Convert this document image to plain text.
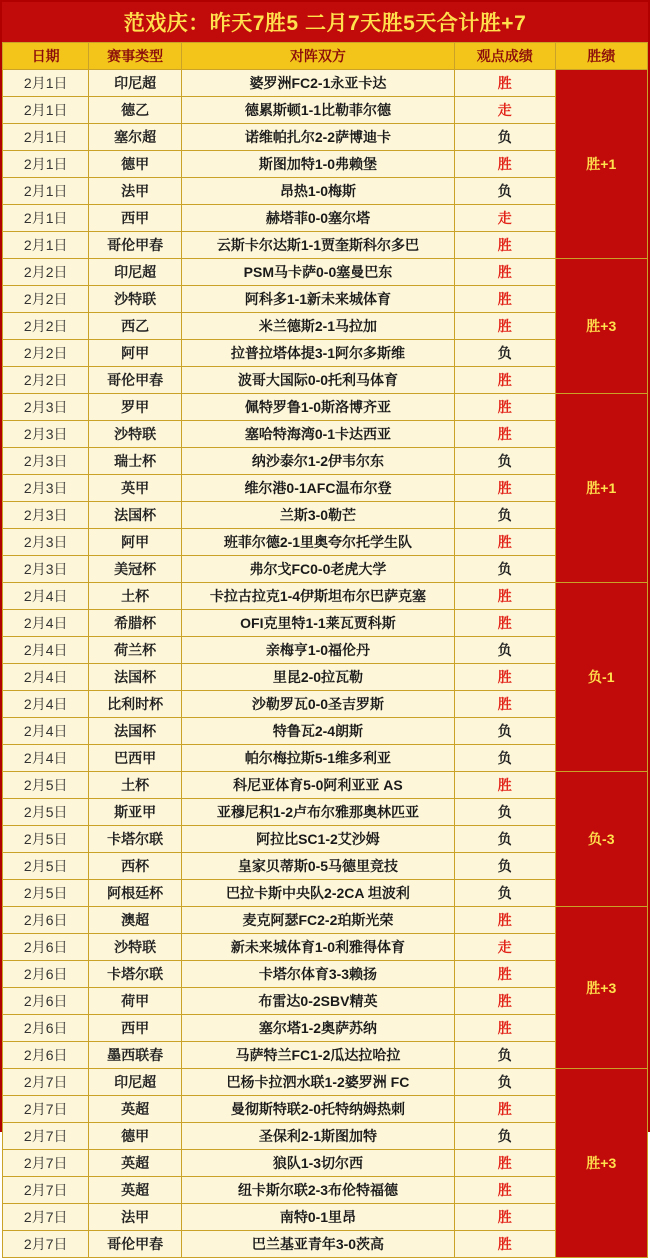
范戏庆：昨天7胜5 二月7天胜5天合计胜+7
日期	赛事类型	对阵双方	观点成绩	胜绩
2月1日	印尼超	婆罗洲FC2-1永亚卡达	胜	胜+1
2月1日	德乙	德累斯顿1-1比勒菲尔德	走	
2月1日	塞尔超	诺维帕扎尔2-2萨博迪卡	负	
2月1日	德甲	斯图加特1-0弗赖堡	胜	
2月1日	法甲	昂热1-0梅斯	负	
2月1日	西甲	赫塔菲0-0塞尔塔	走	
2月1日	哥伦甲春	云斯卡尔达斯1-1贾奎斯科尔多巴	胜	
2月2日	印尼超	PSM马卡萨0-0塞曼巴东	胜	胜+3
2月2日	沙特联	阿科多1-1新未来城体育	胜	
2月2日	西乙	米兰德斯2-1马拉加	胜	
2月2日	阿甲	拉普拉塔体提3-1阿尔多斯维	负	
2月2日	哥伦甲春	波哥大国际0-0托利马体育	胜	
2月3日	罗甲	佩特罗鲁1-0斯洛博齐亚	胜	胜+1
2月3日	沙特联	塞哈特海湾0-1卡达西亚	胜	
2月3日	瑞士杯	纳沙泰尔1-2伊韦尔东	负	
2月3日	英甲	维尔港0-1AFC温布尔登	胜	
2月3日	法国杯	兰斯3-0勒芒	负	
2月3日	阿甲	班菲尔德2-1里奥夸尔托学生队	胜	
2月3日	美冠杯	弗尔戈FC0-0老虎大学	负	
2月4日	土杯	卡拉古拉克1-4伊斯坦布尔巴萨克塞	胜	负-1
2月4日	希腊杯	OFI克里特1-1莱瓦贾科斯	胜	
2月4日	荷兰杯	亲梅亨1-0福伦丹	负	
2月4日	法国杯	里昆2-0拉瓦勒	胜	
2月4日	比利时杯	沙勒罗瓦0-0圣吉罗斯	胜	
2月4日	法国杯	特鲁瓦2-4朗斯	负	
2月4日	巴西甲	帕尔梅拉斯5-1维多利亚	负	
2月5日	土杯	科尼亚体育5-0阿利亚亚 AS	胜	负-3
2月5日	斯亚甲	亚穆尼积1-2卢布尔雅那奥林匹亚	负	
2月5日	卡塔尔联	阿拉比SC1-2艾沙姆	负	
2月5日	西杯	皇家贝蒂斯0-5马德里竞技	负	
2月5日	阿根廷杯	巴拉卡斯中央队2-2CA 坦波利	负	
2月6日	澳超	麦克阿瑟FC2-2珀斯光荣	胜	胜+3
2月6日	沙特联	新未来城体育1-0利雅得体育	走	
2月6日	卡塔尔联	卡塔尔体育3-3赖扬	胜	
2月6日	荷甲	布雷达0-2SBV精英	胜	
2月6日	西甲	塞尔塔1-2奥萨苏纳	胜	
2月6日	墨西联春	马萨特兰FC1-2瓜达拉哈拉	负	
2月7日	印尼超	巴杨卡拉泗水联1-2婆罗洲 FC	负	胜+3
2月7日	英超	曼彻斯特联2-0托特纳姆热刺	胜	
2月7日	德甲	圣保利2-1斯图加特	负	
2月7日	英超	狼队1-3切尔西	胜	
2月7日	英超	纽卡斯尔联2-3布伦特福德	胜	
2月7日	法甲	南特0-1里昂	胜	
2月7日	哥伦甲春	巴兰基亚青年3-0茨高	胜	
